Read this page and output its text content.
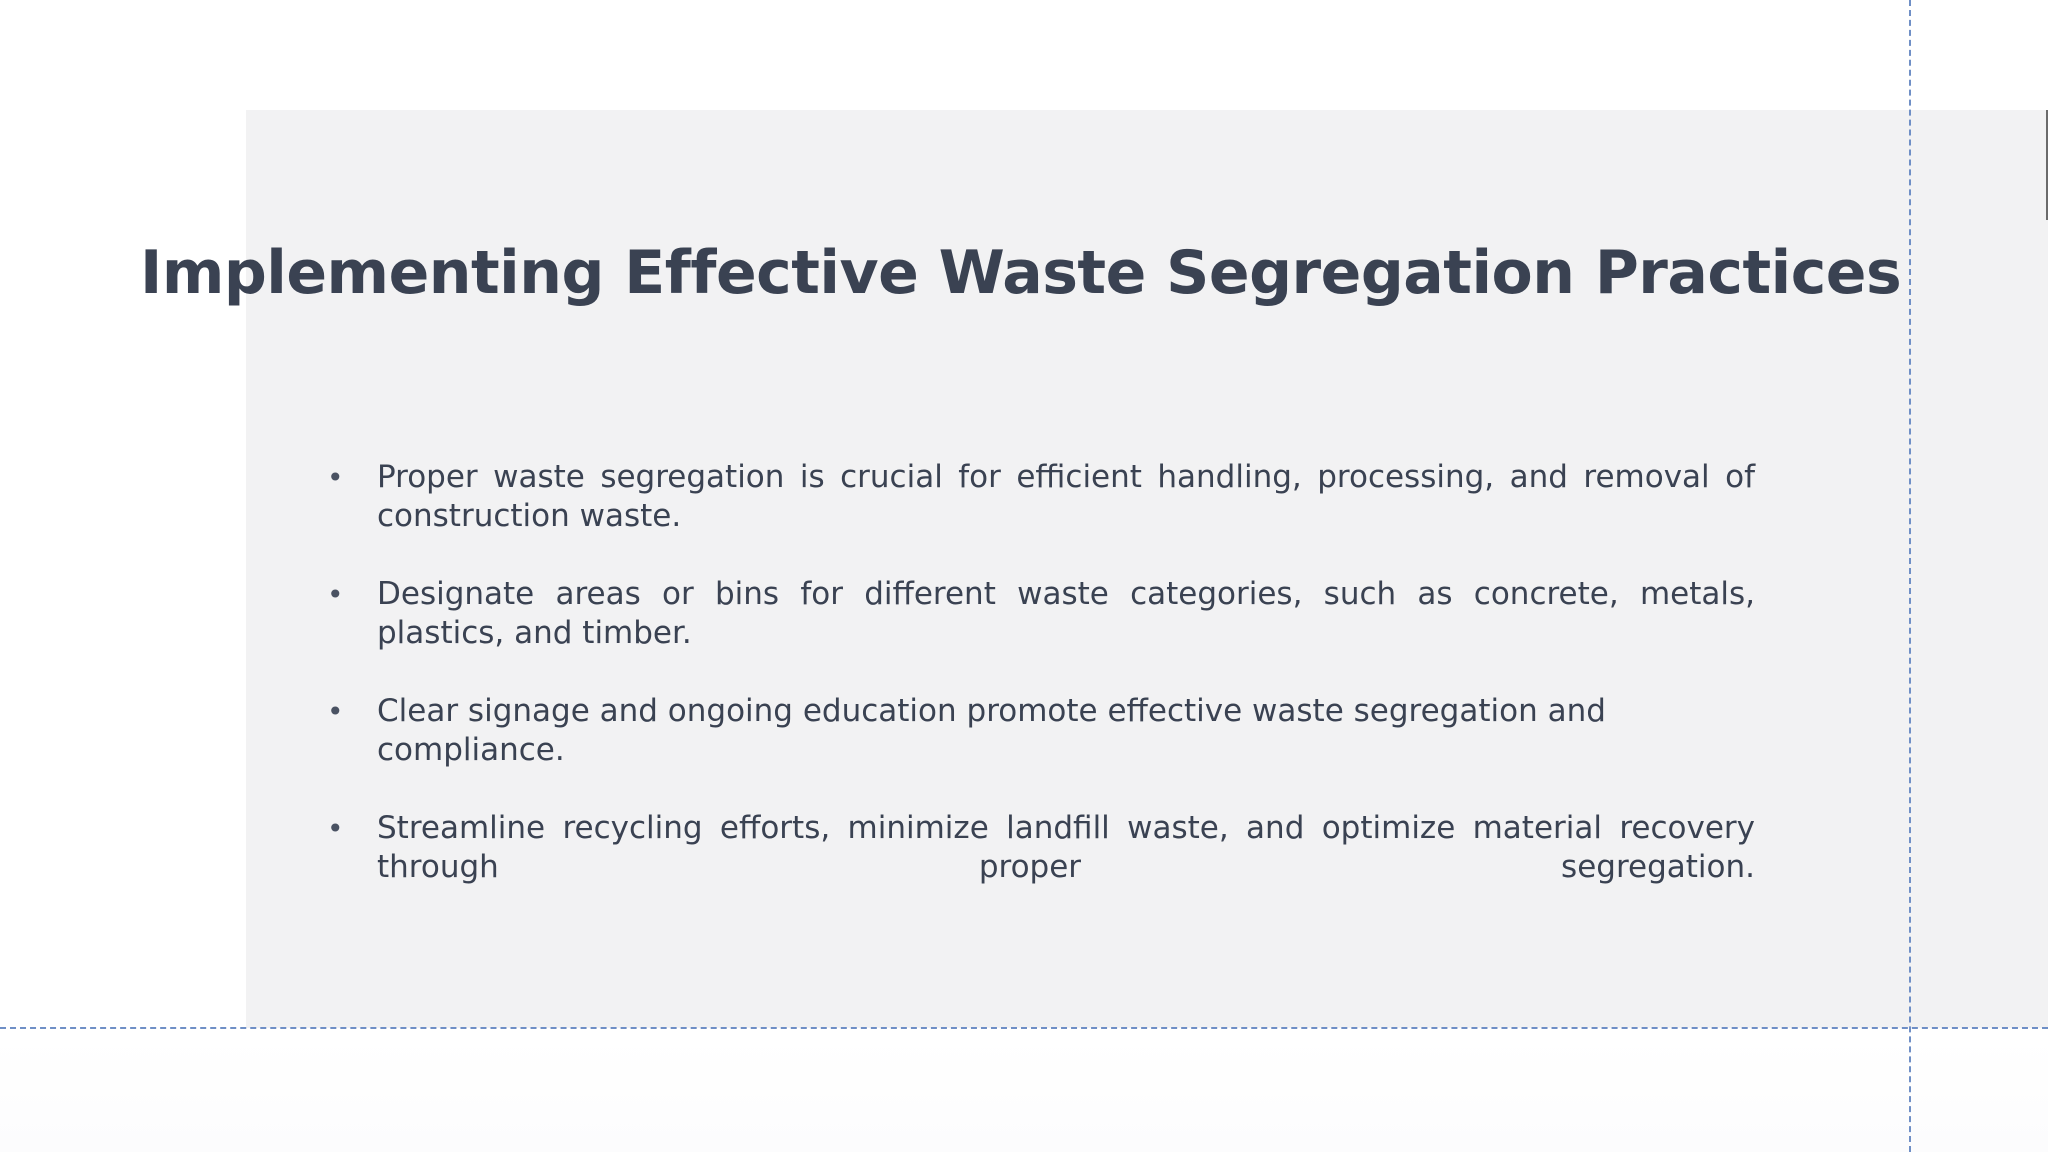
Implementing Effective Waste Segregation Practices
• Proper waste segregation is crucial for efficient handling, processing, and removal of construction waste.
• Designate areas or bins for different waste categories, such as concrete, metals, plastics, and timber.
• Clear signage and ongoing education promote effective waste segregation and compliance.
• Streamline recycling efforts, minimize landfill waste, and optimize material recovery through proper segregation.
